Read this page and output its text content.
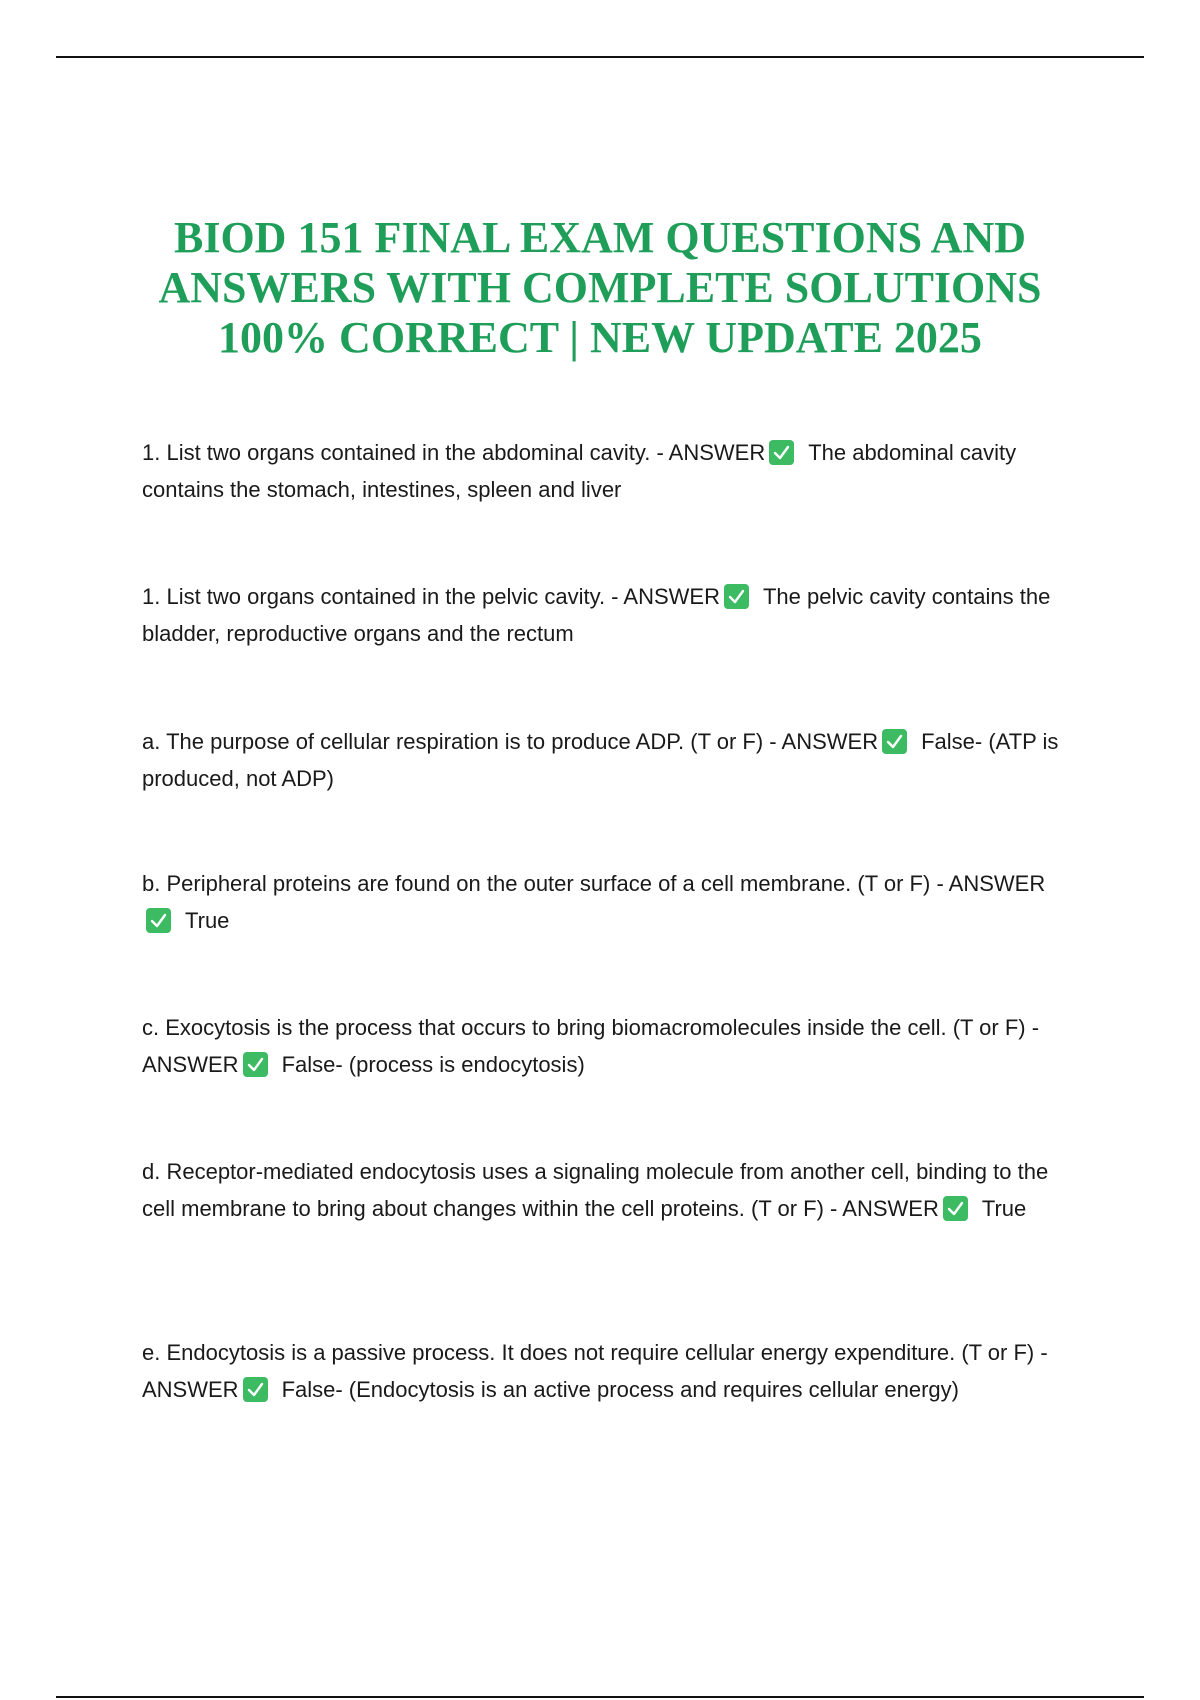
BIOD 151 FINAL EXAM QUESTIONS AND
ANSWERS WITH COMPLETE SOLUTIONS
100% CORRECT | NEW UPDATE 2025
1. List two organs contained in the abdominal cavity. - ANSWER The abdominal cavity contains the stomach, intestines, spleen and liver
1. List two organs contained in the pelvic cavity. - ANSWER The pelvic cavity contains the bladder, reproductive organs and the rectum
a. The purpose of cellular respiration is to produce ADP. (T or F) - ANSWER False- (ATP is produced, not ADP)
b. Peripheral proteins are found on the outer surface of a cell membrane. (T or F) - ANSWER
True
c. Exocytosis is the process that occurs to bring biomacromolecules inside the cell. (T or F) - ANSWER False- (process is endocytosis)
d. Receptor-mediated endocytosis uses a signaling molecule from another cell, binding to the cell membrane to bring about changes within the cell proteins. (T or F) - ANSWER True
e. Endocytosis is a passive process. It does not require cellular energy expenditure. (T or F) - ANSWER False- (Endocytosis is an active process and requires cellular energy)
